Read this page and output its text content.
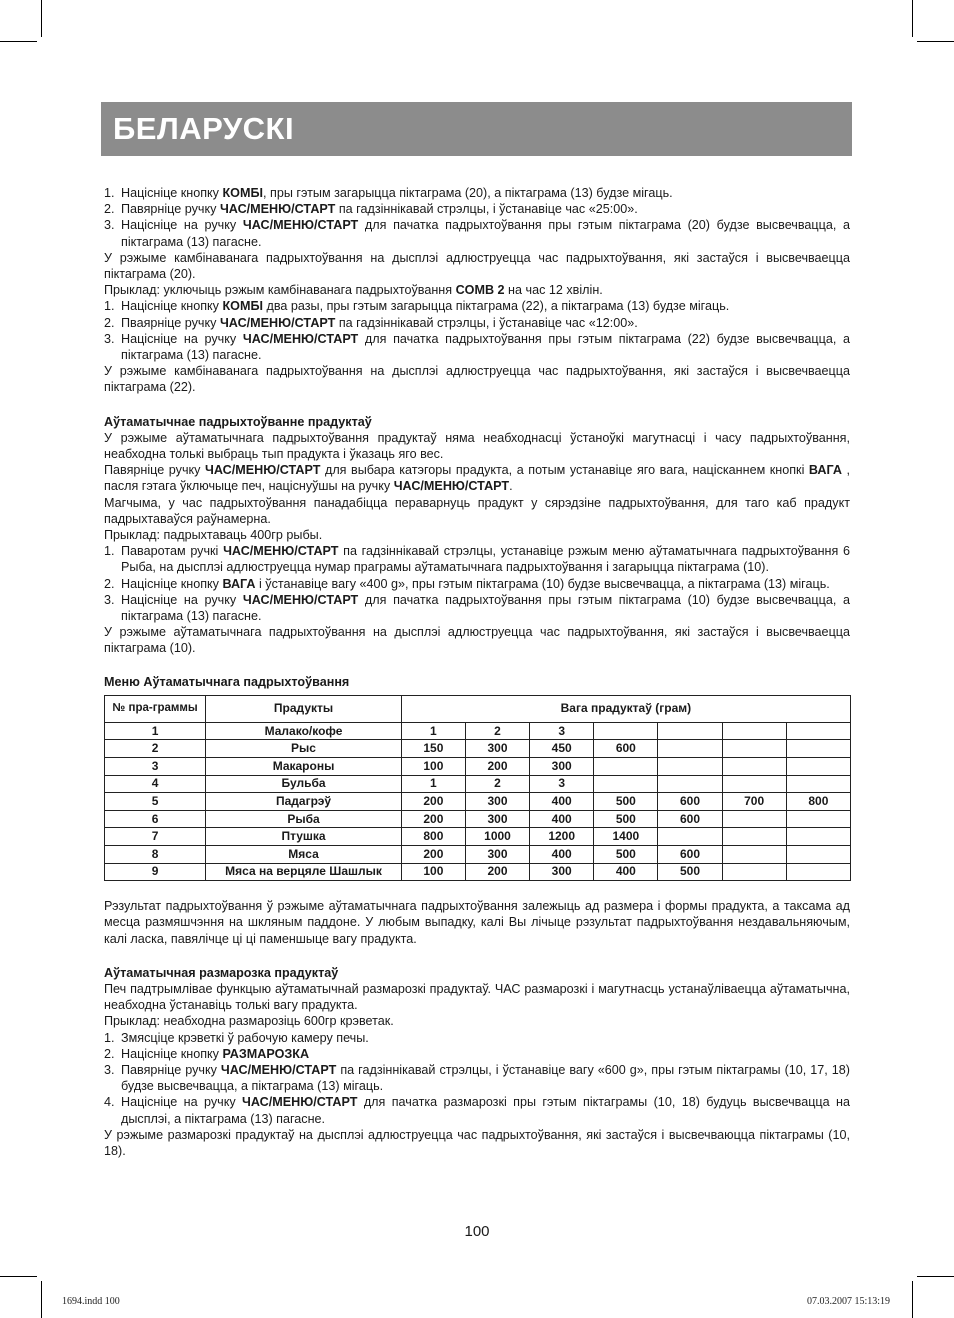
БЕЛАРУСКІ
1. Націсніце кнопку КОМБІ, пры гэтым загарыцца піктаграма (20), а піктаграма (13) будзе мігаць.
2. Павярніце ручку ЧАС/МЕНЮ/СТАРТ па гадзіннікавай стрэлцы, і ўстанавіце час «25:00».
3. Націсніце на ручку ЧАС/МЕНЮ/СТАРТ для пачатка падрыхтоўвання пры гэтым піктаграма (20) будзе высвечвацца, а піктаграма (13) пагасне.

У рэжыме камбінаванага падрыхтоўвання на дысплэі адлюструецца час падрыхтоўвання, які застаўся і высвечваецца піктаграма (20).

Прыклад: уключыць рэжым камбінаванага падрыхтоўвання COMB 2 на час 12 хвілін.

1. Націсніце кнопку КОМБІ два разы, пры гэтым загарыцца піктаграма (22), а піктаграма (13) будзе мігаць.
2. Пваярніце ручку ЧАС/МЕНЮ/СТАРТ па гадзіннікавай стрэлцы, і ўстанавіце час «12:00».
3. Націсніце на ручку ЧАС/МЕНЮ/СТАРТ для пачатка падрыхтоўвання пры гэтым піктаграма (22) будзе высвечвацца, а піктаграма (13) пагасне.

У рэжыме камбінаванага падрыхтоўвання на дысплэі адлюструецца час падрыхтоўвання, які застаўся і высвечваецца піктаграма (22).

Аўтаматычнае падрыхтоўванне прадуктаў

У рэжыме аўтаматычнага падрыхтоўвання прадуктаў няма неабходнасці ўстаноўкі магутнасці і часу падрыхтоўвання, неабходна толькі выбраць тып прадукта і ўказаць яго вес.

Павярніце ручку ЧАС/МЕНЮ/СТАРТ для выбара катэгоры прадукта, а потым устанавіце яго вага, націсканнем кнопкі ВАГА , пасля гэтага ўключыце печ, націснуўшы на ручку ЧАС/МЕНЮ/СТАРТ.

Магчыма, у час падрыхтоўвання панадабіцца пераварнуць прадукт у сярэдзіне падрыхтоўвання, для таго каб прадукт падрыхтаваўся раўнамерна.

Прыклад: падрыхтаваць 400гр рыбы.

1. Паваротам ручкі ЧАС/МЕНЮ/СТАРТ па гадзіннікавай стрэлцы, устанавіце рэжым меню аўтаматычнага падрыхтоўвання 6 Рыба, на дысплэі адлюструецца нумар праграмы аўтаматычнага падрыхтоўвання і загарыцца піктаграма (10).
2. Націсніце кнопку ВАГА і ўстанавіце вагу «400 g», пры гэтым піктаграма (10) будзе высвечвацца, а піктаграма (13) мігаць.
3. Націсніце на ручку ЧАС/МЕНЮ/СТАРТ для пачатка падрыхтоўвання пры гэтым піктаграма (10) будзе высвечвацца, а піктаграма (13) пагасне.

У рэжыме аўтаматычнага падрыхтоўвання на дысплэі адлюструецца час падрыхтоўвання, які застаўся і высвечваецца піктаграма (10).

Меню Аўтаматычнага падрыхтоўвання
№ пра-граммы	Прадукты	Вага прадуктаў (грам)						
1	Малако/кофе	1	2	3				
2	Рыс	150	300	450	600			
3	Макароны	100	200	300				
4	Бульба	1	2	3				
5	Падагрэў	200	300	400	500	600	700	800
6	Рыба	200	300	400	500	600		
7	Птушка	800	1000	1200	1400			
8	Мяса	200	300	400	500	600		
9	Мяса на верцяле Шашлык	100	200	300	400	500		

Рэзультат падрыхтоўвання ў рэжыме аўтаматычнага падрыхтоўвання залежыць ад размера і формы прадукта, а таксама ад месца размяшчэння на шкляным паддоне. У любым выпадку, калі Вы лічыце рэзультат падрыхтоўвання нездавальняючым, калі ласка, павялічце ці ці паменшыце вагу прадукта.

Аўтаматычная размарозка прадуктаў

Печ падтрымлівае функцыю аўтаматычнай размарозкі прадуктаў. ЧАС размарозкі і магутнасць устанаўліваецца аўтаматычна, неабходна ўстанавіць толькі вагу прадукта.

Прыклад: неабходна размарозіць 600гр крэветак.

1. Змясціце крэветкі ў рабочую камеру печы.
2. Націсніце кнопку РАЗМАРОЗКА
3. Павярніце ручку ЧАС/МЕНЮ/СТАРТ па гадзіннікавай стрэлцы, і ўстанавіце вагу «600 g», пры гэтым піктаграмы (10, 17, 18) будзе высвечвацца, а піктаграма (13) мігаць.
4. Націсніце на ручку ЧАС/МЕНЮ/СТАРТ для пачатка размарозкі пры гэтым піктаграмы (10, 18) будуць высвечвацца на дысплэі, а піктаграма (13) пагасне.

У рэжыме размарозкі прадуктаў на дысплэі адлюструецца час падрыхтоўвання, які застаўся і высвечваюцца піктаграмы (10, 18).

100
1694.indd 100	07.03.2007 15:13:19
